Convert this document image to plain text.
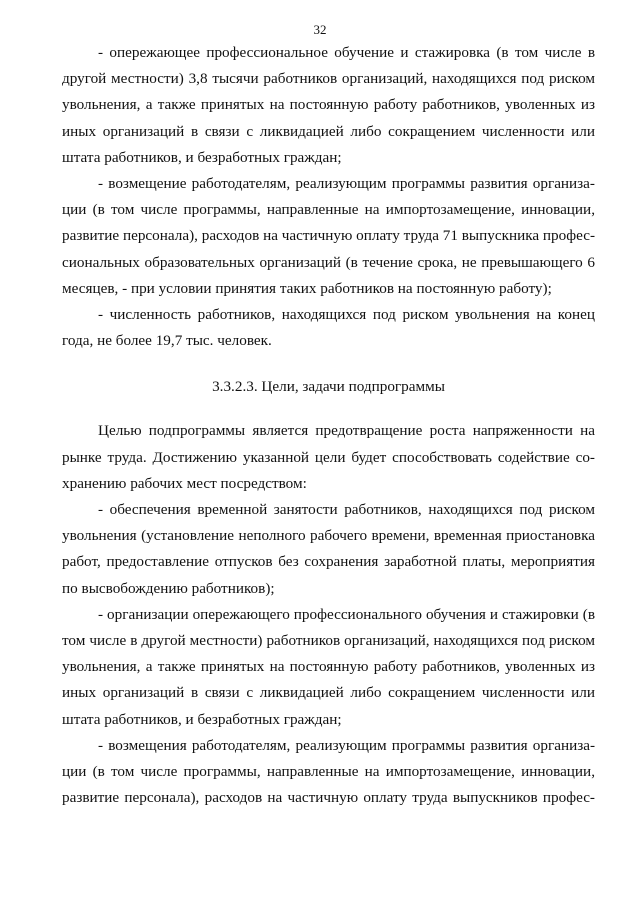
32
- опережающее профессиональное обучение и стажировка (в том числе в
другой местности) 3,8 тысячи работников организаций, находящихся под риском
увольнения, а также принятых на постоянную работу работников, уволенных из
иных организаций в связи с ликвидацией либо сокращением численности или
штата работников, и безработных граждан;
- возмещение работодателям, реализующим программы развития организа-
ции (в том числе программы, направленные на импортозамещение, инновации,
развитие персонала), расходов на частичную оплату труда 71 выпускника профес-
сиональных образовательных организаций (в течение срока, не превышающего 6
месяцев, - при условии принятия таких работников на постоянную работу);
- численность работников, находящихся под риском увольнения на конец
года, не более 19,7 тыс. человек.
3.3.2.3. Цели, задачи подпрограммы
Целью подпрограммы является предотвращение роста напряженности на
рынке труда. Достижению указанной цели будет способствовать содействие со-
хранению рабочих мест посредством:
- обеспечения временной занятости работников, находящихся под риском
увольнения (установление неполного рабочего времени, временная приостановка
работ, предоставление отпусков без сохранения заработной платы, мероприятия
по высвобождению работников);
- организации опережающего профессионального обучения и стажировки (в
том числе в другой местности) работников организаций, находящихся под риском
увольнения, а также принятых на постоянную работу работников, уволенных из
иных организаций в связи с ликвидацией либо сокращением численности или
штата работников, и безработных граждан;
- возмещения работодателям, реализующим программы развития организа-
ции (в том числе программы, направленные на импортозамещение, инновации,
развитие персонала), расходов на частичную оплату труда выпускников профес-
